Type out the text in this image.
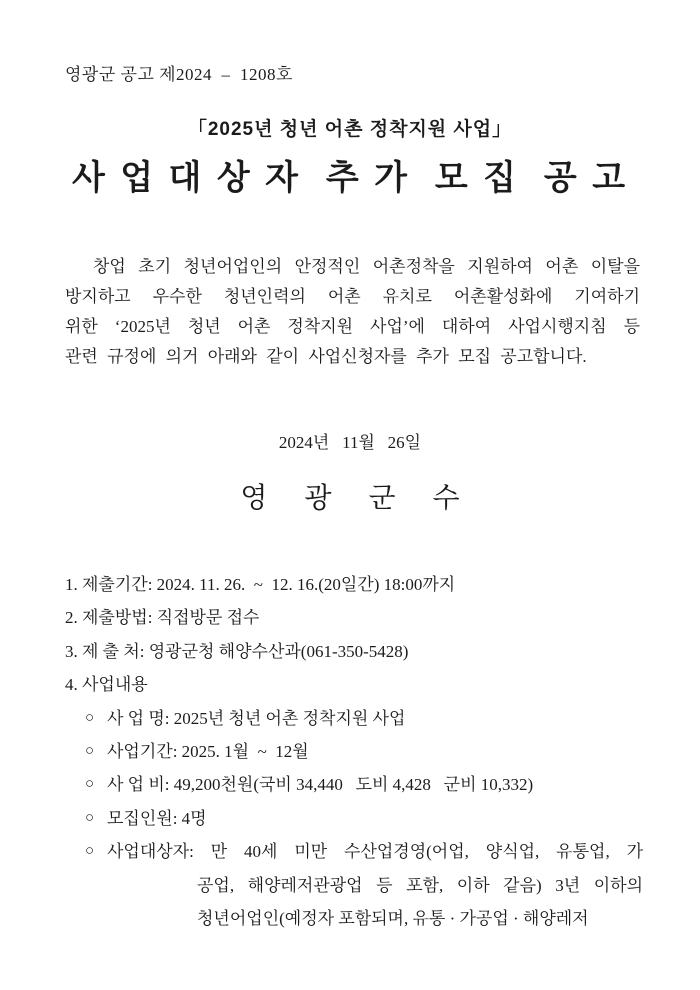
영광군 공고 제2024  –  1208호
「2025년 청년 어촌 정착지원 사업」
사 업 대 상 자  추 가  모 집  공 고
창업 초기 청년어업인의 안정적인 어촌정착을 지원하여 어촌 이탈을
방지하고 우수한 청년인력의 어촌 유치로 어촌활성화에 기여하기
위한 ‘2025년 청년 어촌 정착지원 사업’에 대하여 사업시행지침 등
관련 규정에 의거 아래와 같이 사업신청자를 추가 모집 공고합니다.
2024년   11월   26일
영 광 군 수
1. 제출기간: 2024. 11. 26.  ~  12. 16.(20일간) 18:00까지
2. 제출방법: 직접방문 접수
3. 제 출 처: 영광군청 해양수산과(061-350-5428)
4. 사업내용
○ 사 업 명: 2025년 청년 어촌 정착지원 사업
○ 사업기간: 2025. 1월  ~  12월
○ 사 업 비: 49,200천원(국비 34,440   도비 4,428   군비 10,332)
○ 모집인원: 4명
○ 사업대상자: 만 40세 미만 수산업경영(어업, 양식업, 유통업, 가
공업, 해양레저관광업 등 포함, 이하 같음) 3년 이하의
청년어업인(예정자 포함되며, 유통 · 가공업 · 해양레저
